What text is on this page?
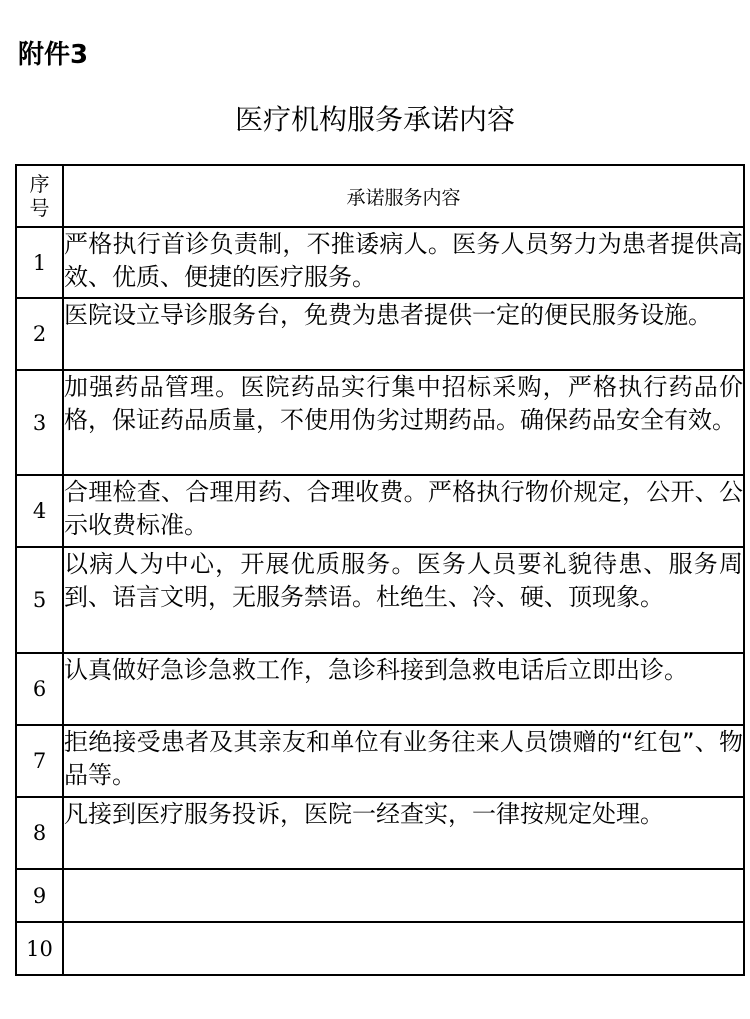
附件3
医疗机构服务承诺内容
序号	承诺服务内容
1	严格执行首诊负责制，不推诿病人。医务人员努力为患者提供高效、优质、便捷的医疗服务。
2	医院设立导诊服务台，免费为患者提供一定的便民服务设施。
3	加强药品管理。医院药品实行集中招标采购，严格执行药品价格，保证药品质量，不使用伪劣过期药品。确保药品安全有效。
4	合理检查、合理用药、合理收费。严格执行物价规定，公开、公示收费标准。
5	以病人为中心，开展优质服务。医务人员要礼貌待患、服务周到、语言文明，无服务禁语。杜绝生、冷、硬、顶现象。
6	认真做好急诊急救工作，急诊科接到急救电话后立即出诊。
7	拒绝接受患者及其亲友和单位有业务往来人员馈赠的“红包”、物品等。
8	凡接到医疗服务投诉，医院一经查实，一律按规定处理。
9	
10	
